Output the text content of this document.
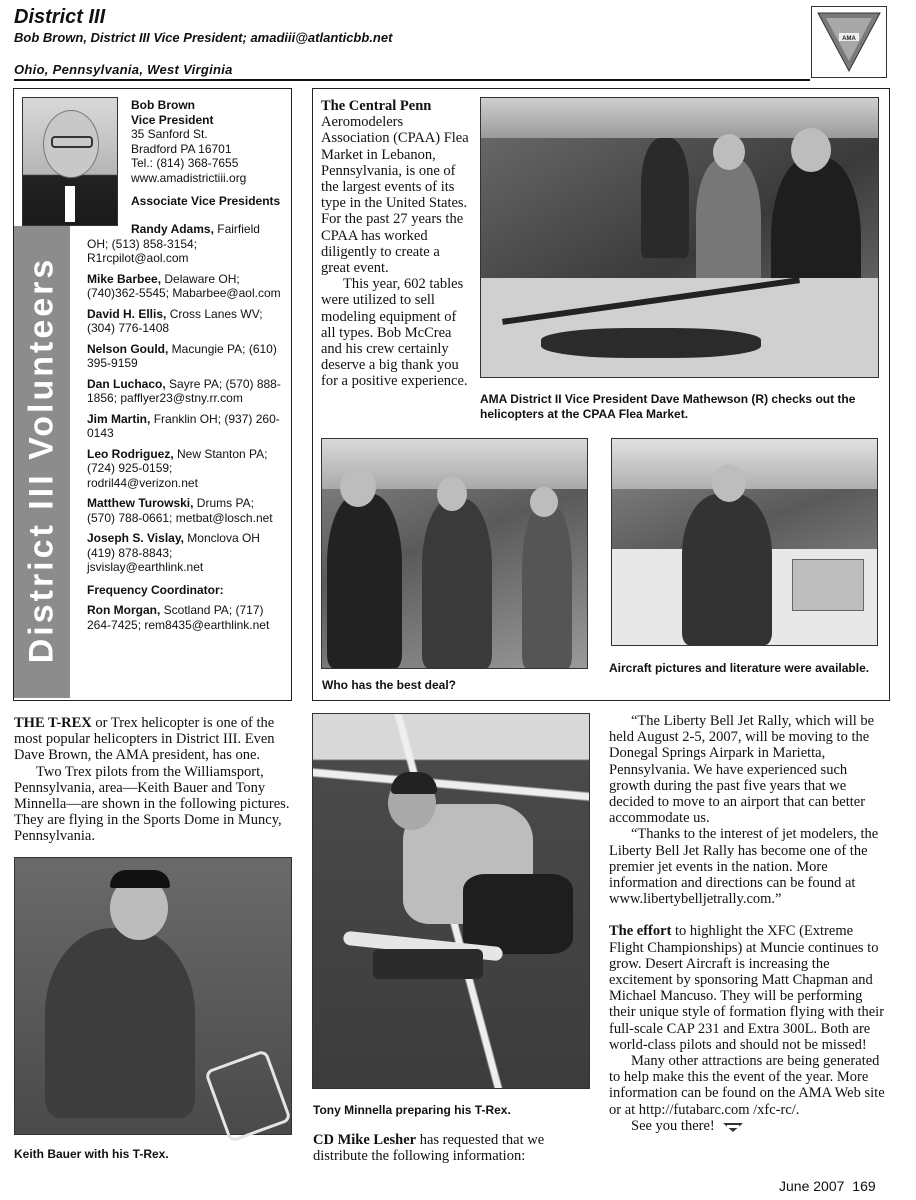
District III
Bob Brown, District III Vice President; amadiii@atlanticbb.net
Ohio, Pennsylvania, West Virginia
AMA
District III Volunteers
Bob Brown
Vice President
35 Sanford St.
Bradford PA 16701
Tel.: (814) 368-7655
www.amadistrictiii.org
Associate Vice Presidents

Randy Adams, Fairfield OH; (513) 858-3154; R1rcpilot@aol.com

Mike Barbee, Delaware OH; (740)362-5545; Mabarbee@aol.com

David H. Ellis, Cross Lanes WV; (304) 776-1408

Nelson Gould, Macungie PA; (610) 395-9159

Dan Luchaco, Sayre PA; (570) 888-1856; pafflyer23@stny.rr.com

Jim Martin, Franklin OH; (937) 260-0143

Leo Rodriguez, New Stanton PA; (724) 925-0159; rodril44@verizon.net

Matthew Turowski, Drums PA; (570) 788-0661; metbat@losch.net

Joseph S. Vislay, Monclova OH (419) 878-8843; jsvislay@earthlink.net

Frequency Coordinator:

Ron Morgan, Scotland PA; (717) 264-7425; rem8435@earthlink.net

The Central Penn Aeromodelers Association (CPAA) Flea Market in Lebanon, Pennsylvania, is one of the largest events of its type in the United States. For the past 27 years the CPAA has worked diligently to create a great event.

This year, 602 tables were utilized to sell modeling equipment of all types. Bob McCrea and his crew certainly deserve a big thank you for a positive experience.

AMA District II Vice President Dave Mathewson (R) checks out the helicopters at the CPAA Flea Market.
Who has the best deal?
Aircraft pictures and literature were available.

THE T-REX or Trex helicopter is one of the most popular helicopters in District III. Even Dave Brown, the AMA president, has one.

Two Trex pilots from the Williamsport, Pennsylvania, area—Keith Bauer and Tony Minnella—are shown in the following pictures. They are flying in the Sports Dome in Muncy, Pennsylvania.

Keith Bauer with his T-Rex.
Tony Minnella preparing his T-Rex.

CD Mike Lesher has requested that we distribute the following information:

“The Liberty Bell Jet Rally, which will be held August 2-5, 2007, will be moving to the Donegal Springs Airpark in Marietta, Pennsylvania. We have experienced such growth during the past five years that we decided to move to an airport that can better accommodate us.

“Thanks to the interest of jet modelers, the Liberty Bell Jet Rally has become one of the premier jet events in the nation. More information and directions can be found at www.libertybelljetrally.com.”

The effort to highlight the XFC (Extreme Flight Championships) at Muncie continues to grow. Desert Aircraft is increasing the excitement by sponsoring Matt Chapman and Michael Mancuso. They will be performing their unique style of formation flying with their full-scale CAP 231 and Extra 300L. Both are world-class pilots and should not be missed!

Many other attractions are being generated to help make this the event of the year. More information can be found on the AMA Web site or at http://futabarc.com /xfc-rc/.

See you there!

June 2007 169
